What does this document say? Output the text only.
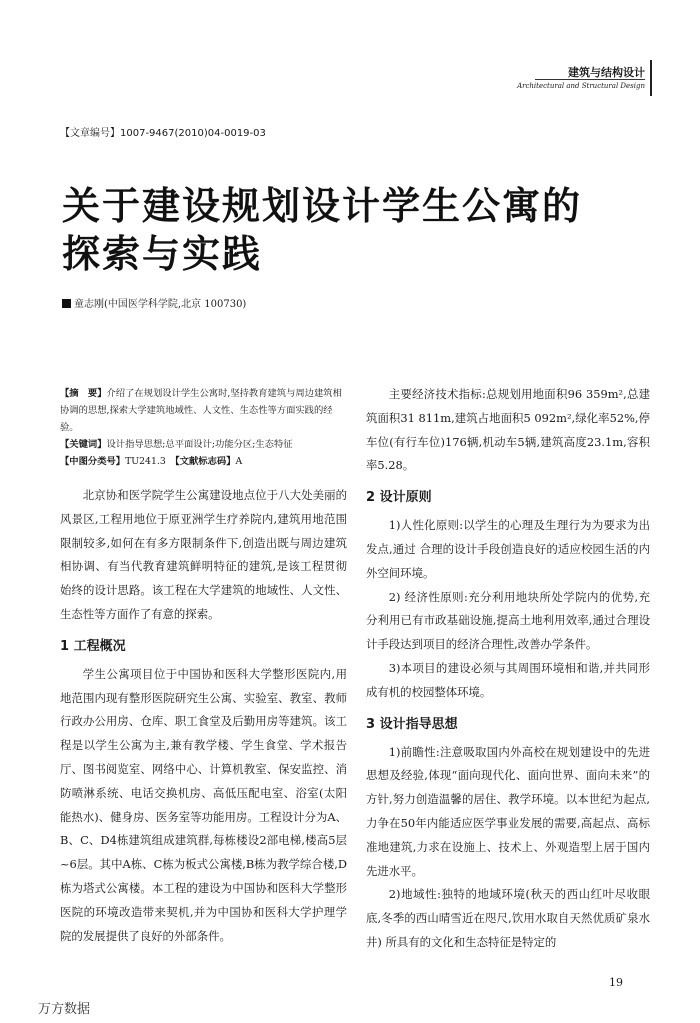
建筑与结构设计
Architectural and Structural Design
【文章编号】1007-9467(2010)04-0019-03
关于建设规划设计学生公寓的
探索与实践
童志刚(中国医学科学院,北京 100730)
【摘　要】介绍了在规划设计学生公寓时,坚持教育建筑与周边建筑相协调的思想,探索大学建筑地域性、人文性、生态性等方面实践的经验。
【关键词】设计指导思想;总平面设计;功能分区;生态特征
【中图分类号】TU241.3　 【文献标志码】A

北京协和医学院学生公寓建设地点位于八大处美丽的风景区,工程用地位于原亚洲学生疗养院内,建筑用地范围限制较多,如何在有多方限制条件下,创造出既与周边建筑相协调、有当代教育建筑鲜明特征的建筑,是该工程贯彻始终的设计思路。该工程在大学建筑的地域性、人文性、生态性等方面作了有意的探索。

1 工程概况

学生公寓项目位于中国协和医科大学整形医院内,用地范围内现有整形医院研究生公寓、实验室、教室、教师行政办公用房、仓库、职工食堂及后勤用房等建筑。该工程是以学生公寓为主,兼有教学楼、学生食堂、学术报告厅、图书阅览室、网络中心、计算机教室、保安监控、消防喷淋系统、电话交换机房、高低压配电室、浴室(太阳能热水)、健身房、医务室等功能用房。工程设计分为A、B、C、D4栋建筑组成建筑群,每栋楼设2部电梯,楼高5层~6层。其中A栋、C栋为板式公寓楼,B栋为教学综合楼,D栋为塔式公寓楼。本工程的建设为中国协和医科大学整形医院的环境改造带来契机,并为中国协和医科大学护理学院的发展提供了良好的外部条件。

主要经济技术指标:总规划用地面积96 359m²,总建筑面积31 811m,建筑占地面积5 092m²,绿化率52%,停车位(有行车位)176辆,机动车5辆,建筑高度23.1m,容积率5.28。

2 设计原则

1)人性化原则:以学生的心理及生理行为为要求为出发点,通过 合理的设计手段创造良好的适应校园生活的内外空间环境。

2) 经济性原则:充分利用地块所处学院内的优势,充分利用已有市政基础设施,提高土地利用效率,通过合理设计手段达到项目的经济合理性,改善办学条件。

3)本项目的建设必须与其周围环境相和谐,并共同形成有机的校园整体环境。

3 设计指导思想

1)前瞻性:注意吸取国内外高校在规划建设中的先进思想及经验,体现“面向现代化、面向世界、面向未来”的方针,努力创造温馨的居住、教学环境。以本世纪为起点,力争在50年内能适应医学事业发展的需要,高起点、高标准地建筑,力求在设施上、技术上、外观造型上居于国内先进水平。

2)地域性:独特的地域环境(秋天的西山红叶尽收眼底,冬季的西山晴雪近在咫尺,饮用水取自天然优质矿泉水井) 所具有的文化和生态特征是特定的

19
万方数据
